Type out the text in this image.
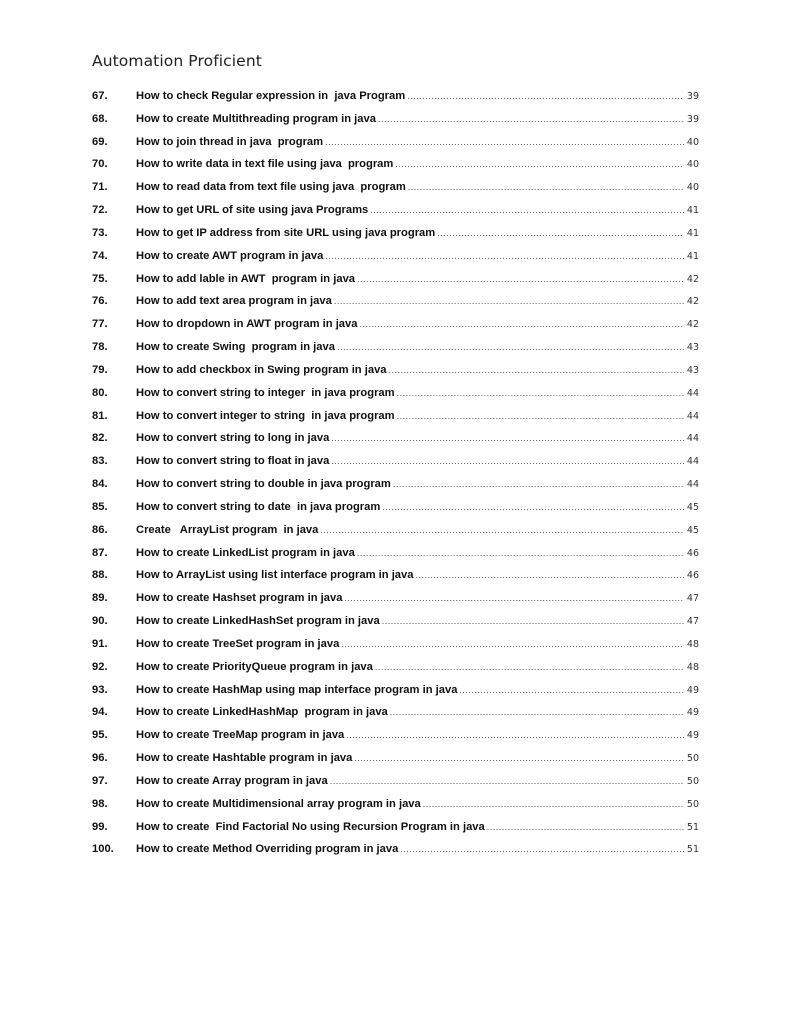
Automation Proficient
67.	How to check Regular expression in  java Program .....	39
68.	How to create Multithreading program in java .....	39
69.	How to join thread in java  program .....	40
70.	How to write data in text file using java  program .....	40
71.	How to read data from text file using java  program .....	40
72.	How to get URL of site using java Programs .....	41
73.	How to get IP address from site URL using java program .....	41
74.	How to create AWT program in java .....	41
75.	How to add lable in AWT  program in java .....	42
76.	How to add text area program in java .....	42
77.	How to dropdown in AWT program in java .....	42
78.	How to create Swing  program in java .....	43
79.	How to add checkbox in Swing program in java .....	43
80.	How to convert string to integer  in java program .....	44
81.	How to convert integer to string  in java program .....	44
82.	How to convert string to long in java .....	44
83.	How to convert string to float in java .....	44
84.	How to convert string to double in java program .....	44
85.	How to convert string to date  in java program .....	45
86.	Create   ArrayList program  in java .....	45
87.	How to create LinkedList program in java .....	46
88.	How to ArrayList using list interface program in java .....	46
89.	How to create Hashset program in java .....	47
90.	How to create LinkedHashSet program in java .....	47
91.	How to create TreeSet program in java .....	48
92.	How to create PriorityQueue program in java .....	48
93.	How to create HashMap using map interface program in java .....	49
94.	How to create LinkedHashMap  program in java .....	49
95.	How to create TreeMap program in java .....	49
96.	How to create Hashtable program in java .....	50
97.	How to create Array program in java .....	50
98.	How to create Multidimensional array program in java .....	50
99.	How to create  Find Factorial No using Recursion Program in java .....	51
100.	How to create Method Overriding program in java .....	51
